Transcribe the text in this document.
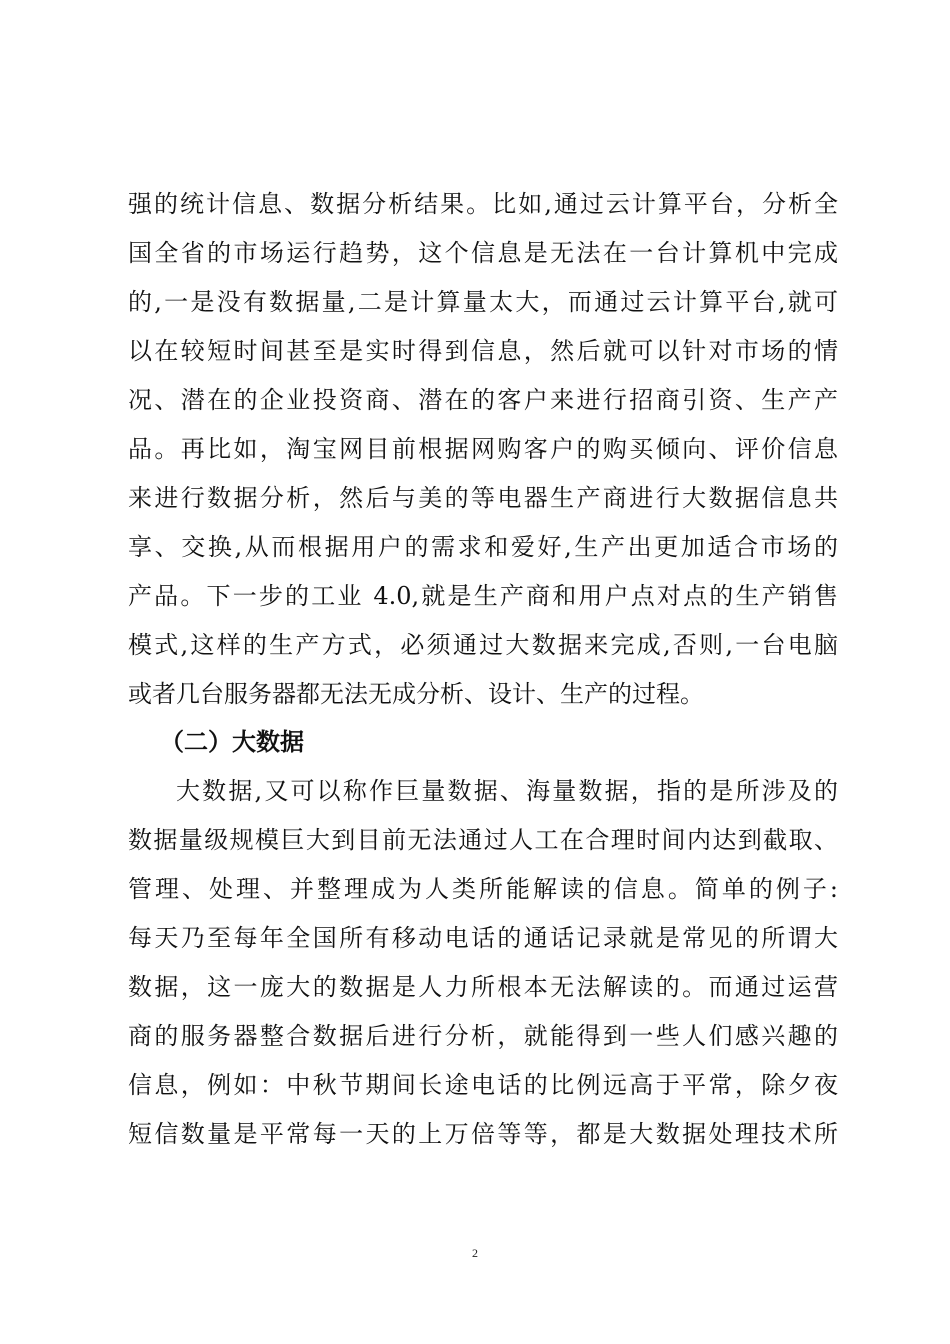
强的统计信息、数据分析结果。比如,通过云计算平台，分析全
国全省的市场运行趋势，这个信息是无法在一台计算机中完成
的,一是没有数据量,二是计算量太大，而通过云计算平台,就可
以在较短时间甚至是实时得到信息，然后就可以针对市场的情
况、潜在的企业投资商、潜在的客户来进行招商引资、生产产
品。再比如，淘宝网目前根据网购客户的购买倾向、评价信息
来进行数据分析，然后与美的等电器生产商进行大数据信息共
享、交换,从而根据用户的需求和爱好,生产出更加适合市场的
产品。下一步的工业 4.0,就是生产商和用户点对点的生产销售
模式,这样的生产方式，必须通过大数据来完成,否则,一台电脑
或者几台服务器都无法无成分析、设计、生产的过程。
（二）大数据
大数据,又可以称作巨量数据、海量数据，指的是所涉及的
数据量级规模巨大到目前无法通过人工在合理时间内达到截取、
管理、处理、并整理成为人类所能解读的信息。简单的例子:
每天乃至每年全国所有移动电话的通话记录就是常见的所谓大
数据，这一庞大的数据是人力所根本无法解读的。而通过运营
商的服务器整合数据后进行分析，就能得到一些人们感兴趣的
信息，例如：中秋节期间长途电话的比例远高于平常，除夕夜
短信数量是平常每一天的上万倍等等，都是大数据处理技术所
2
